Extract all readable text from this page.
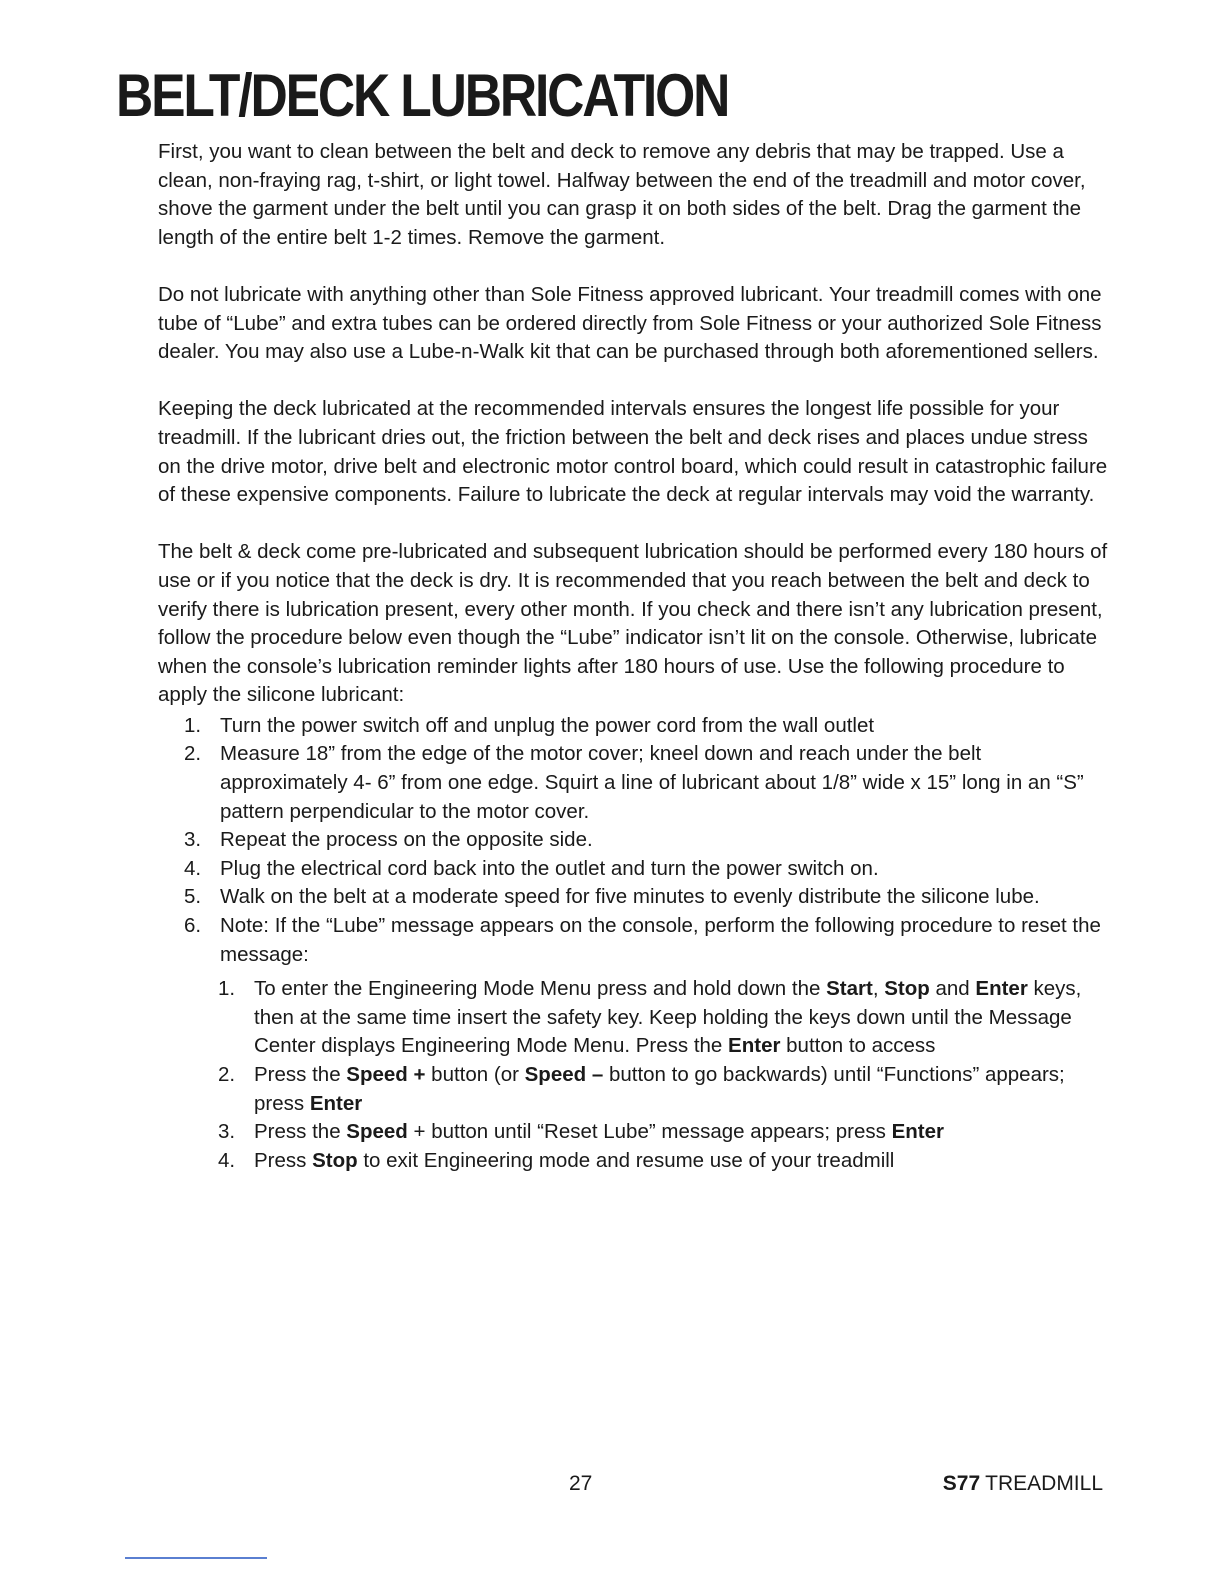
BELT/DECK LUBRICATION

First, you want to clean between the belt and deck to remove any debris that may be trapped. Use a clean, non-fraying rag, t-shirt, or light towel. Halfway between the end of the treadmill and motor cover, shove the garment under the belt until you can grasp it on both sides of the belt. Drag the garment the length of the entire belt 1-2 times. Remove the garment.

Do not lubricate with anything other than Sole Fitness approved lubricant. Your treadmill comes with one tube of “Lube” and extra tubes can be ordered directly from Sole Fitness or your authorized Sole Fitness dealer. You may also use a Lube-n-Walk kit that can be purchased through both aforementioned sellers.

Keeping the deck lubricated at the recommended intervals ensures the longest life possible for your treadmill. If the lubricant dries out, the friction between the belt and deck rises and places undue stress on the drive motor, drive belt and electronic motor control board, which could result in catastrophic failure of these expensive components. Failure to lubricate the deck at regular intervals may void the warranty.

The belt & deck come pre-lubricated and subsequent lubrication should be performed every 180 hours of use or if you notice that the deck is dry. It is recommended that you reach between the belt and deck to verify there is lubrication present, every other month. If you check and there isn’t any lubrication present, follow the procedure below even though the “Lube” indicator isn’t lit on the console. Otherwise, lubricate when the console’s lubrication reminder lights after 180 hours of use. Use the following procedure to apply the silicone lubricant:

1. Turn the power switch off and unplug the power cord from the wall outlet
2. Measure 18” from the edge of the motor cover; kneel down and reach under the belt approximately 4- 6” from one edge. Squirt a line of lubricant about 1/8” wide x 15” long in an “S” pattern perpendicular to the motor cover.
3. Repeat the process on the opposite side.
4. Plug the electrical cord back into the outlet and turn the power switch on.
5. Walk on the belt at a moderate speed for five minutes to evenly distribute the silicone lube.
6. Note: If the “Lube” message appears on the console, perform the following procedure to reset the message:
1. To enter the Engineering Mode Menu press and hold down the Start, Stop and Enter keys, then at the same time insert the safety key. Keep holding the keys down until the Message Center displays Engineering Mode Menu. Press the Enter button to access
2. Press the Speed + button (or Speed – button to go backwards) until “Functions” appears; press Enter
3. Press the Speed + button until “Reset Lube” message appears; press Enter
4. Press Stop to exit Engineering mode and resume use of your treadmill
27	S77 TREADMILL
